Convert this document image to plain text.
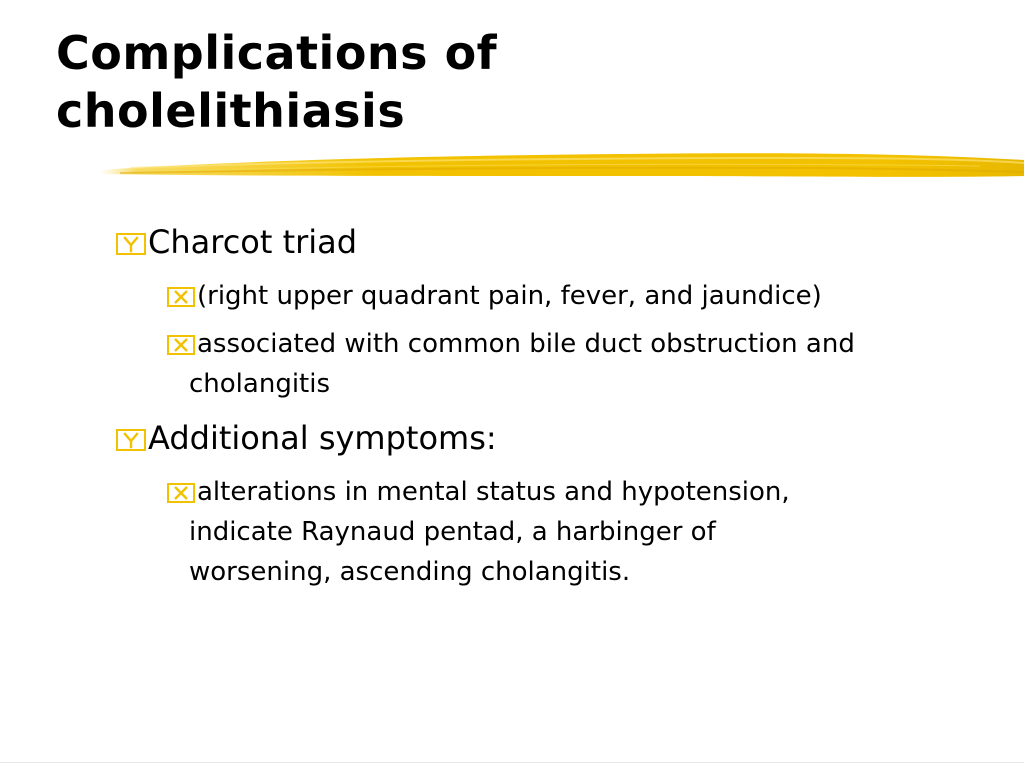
Complications of
cholelithiasis
Charcot triad
(right upper quadrant pain, fever, and jaundice)
associated with common bile duct obstruction and
cholangitis
Additional symptoms:
alterations in mental status and hypotension,
indicate Raynaud pentad, a harbinger of
worsening, ascending cholangitis.
